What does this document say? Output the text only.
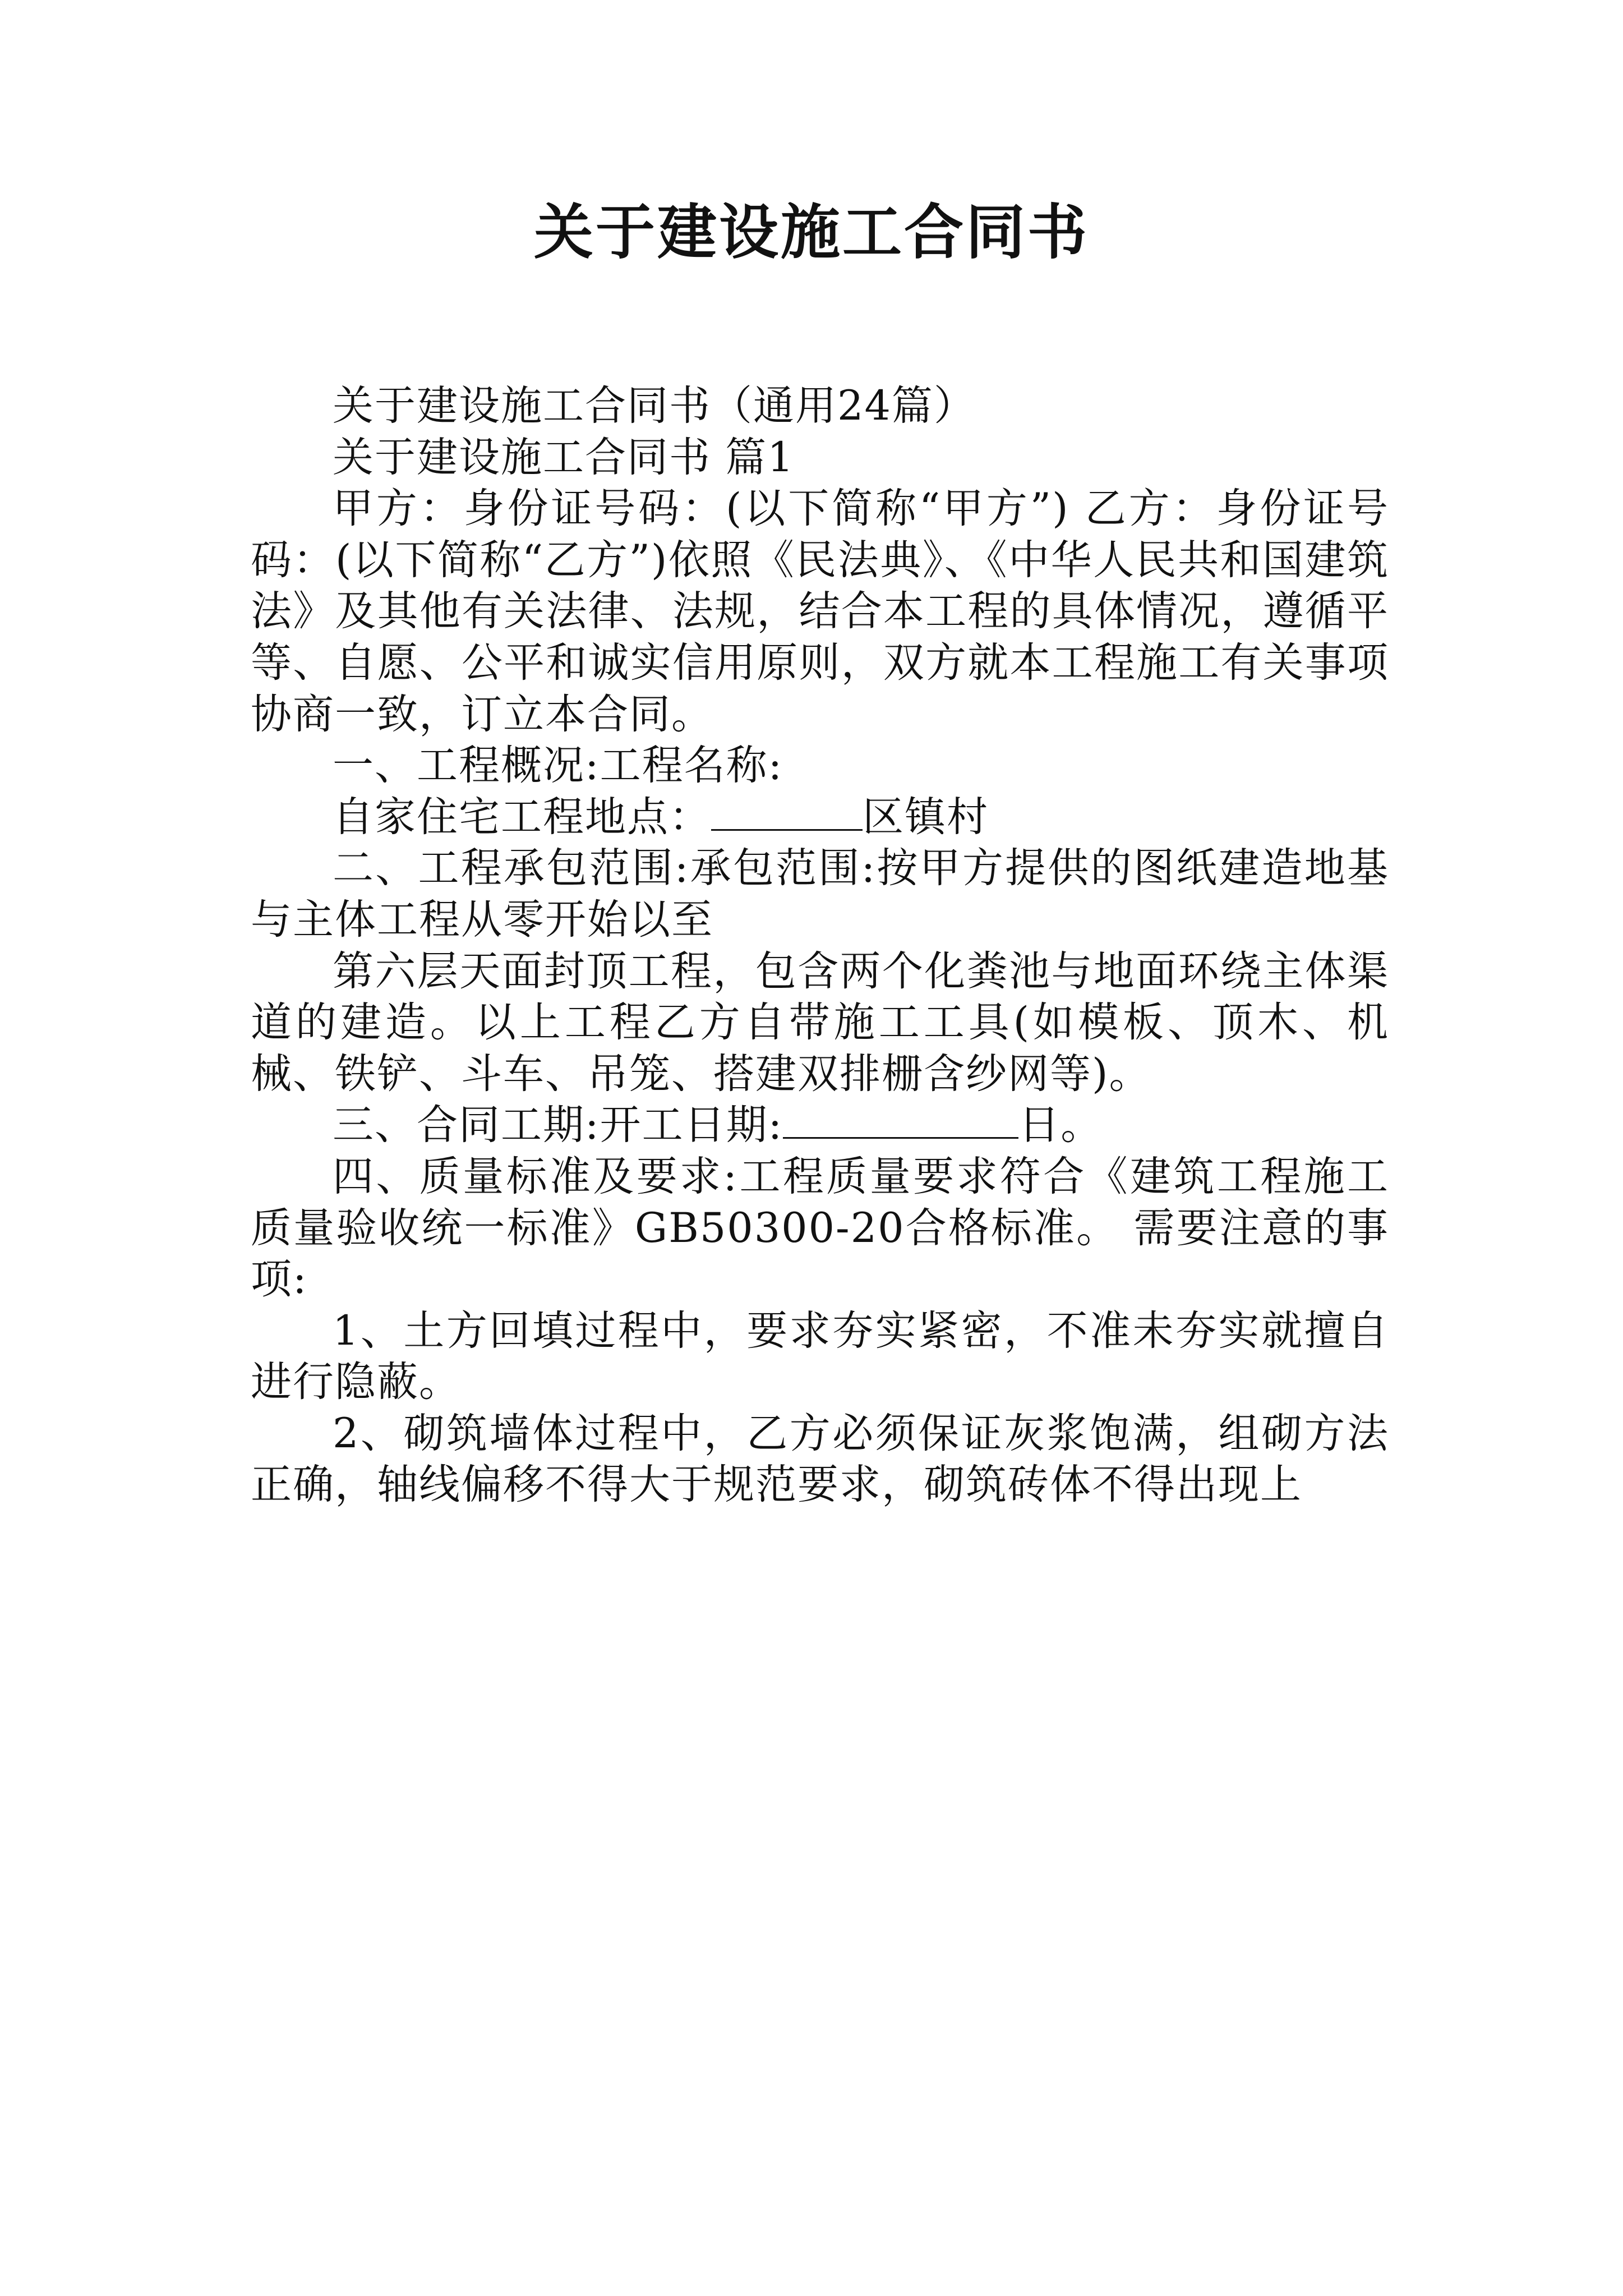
关于建设施工合同书

关于建设施工合同书（通用24篇）

关于建设施工合同书 篇1

甲方：身份证号码：(以下简称“甲方”) 乙方：身份证号码：(以下简称“乙方”)依照《民法典》、《中华人民共和国建筑法》及其他有关法律、法规，结合本工程的具体情况，遵循平等、自愿、公平和诚实信用原则，双方就本工程施工有关事项协商一致，订立本合同。

一、工程概况:工程名称:

自家住宅工程地点：	区镇村

二、工程承包范围:承包范围:按甲方提供的图纸建造地基与主体工程从零开始以至

第六层天面封顶工程，包含两个化粪池与地面环绕主体渠道的建造。以上工程乙方自带施工工具(如模板、顶木、机械、铁铲、斗车、吊笼、搭建双排栅含纱网等)。

三、合同工期:开工日期:	日。

四、质量标准及要求:工程质量要求符合《建筑工程施工质量验收统一标准》GB50300-20合格标准。 需要注意的事项:

1、土方回填过程中，要求夯实紧密，不准未夯实就擅自进行隐蔽。

2、砌筑墙体过程中，乙方必须保证灰浆饱满，组砌方法正确，轴线偏移不得大于规范要求，砌筑砖体不得出现上
